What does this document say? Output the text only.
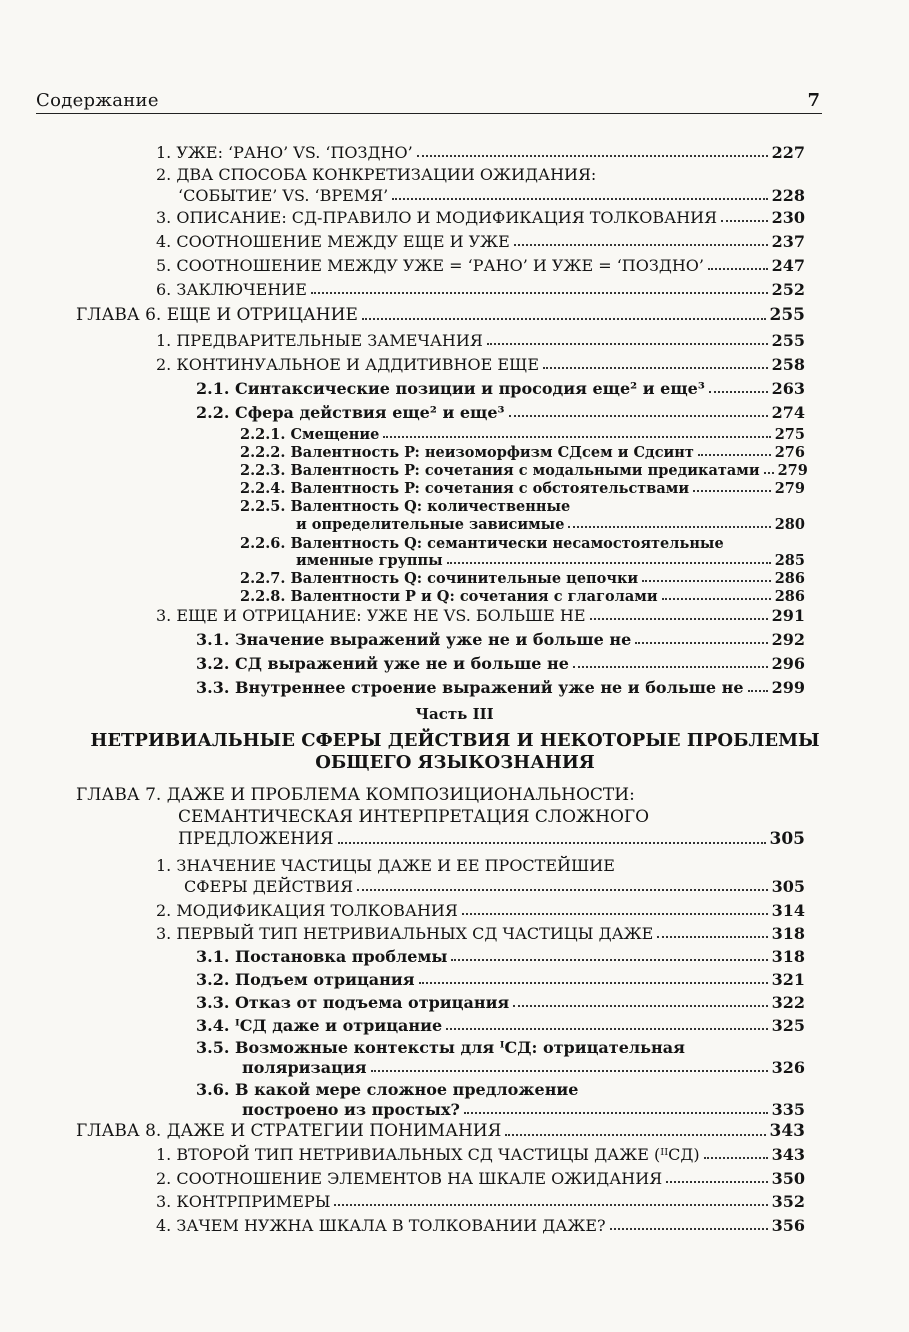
Содержание	7
1. УЖЕ: ‘РАНО’ VS. ‘ПОЗДНО’	227
2. ДВА СПОСОБА КОНКРЕТИЗАЦИИ ОЖИДАНИЯ:
‘СОБЫТИЕ’ VS. ‘ВРЕМЯ’	228
3. ОПИСАНИЕ: СД-ПРАВИЛО И МОДИФИКАЦИЯ ТОЛКОВАНИЯ	230
4. СООТНОШЕНИЕ МЕЖДУ ЕЩЕ И УЖЕ	237
5. СООТНОШЕНИЕ МЕЖДУ УЖЕ = ‘РАНО’ И УЖЕ = ‘ПОЗДНО’	247
6. ЗАКЛЮЧЕНИЕ	252
ГЛАВА 6. ЕЩЕ И ОТРИЦАНИЕ	255
1. ПРЕДВАРИТЕЛЬНЫЕ ЗАМЕЧАНИЯ	255
2. КОНТИНУАЛЬНОЕ И АДДИТИВНОЕ ЕЩЕ	258
2.1. Синтаксические позиции и просодия еще² и еще³	263
2.2. Сфера действия еще² и еще³	274
2.2.1. Смещение	275
2.2.2. Валентность P: неизоморфизм СДсем и Сдсинт	276
2.2.3. Валентность P: сочетания с модальными предикатами 279
2.2.4. Валентность P: сочетания с обстоятельствами	279
2.2.5. Валентность Q: количественные
и определительные зависимые	280
2.2.6. Валентность Q: семантически несамостоятельные
именные группы	285
2.2.7. Валентность Q: сочинительные цепочки	286
2.2.8. Валентности P и Q: сочетания с глаголами	286
3. ЕЩЕ И ОТРИЦАНИЕ: УЖЕ НЕ VS. БОЛЬШЕ НЕ	291
3.1. Значение выражений уже не и больше не	292
3.2. СД выражений уже не и больше не	296
3.3. Внутреннее строение выражений уже не и больше не 299
Часть III
НЕТРИВИАЛЬНЫЕ СФЕРЫ ДЕЙСТВИЯ И НЕКОТОРЫЕ ПРОБЛЕМЫ
ОБЩЕГО ЯЗЫКОЗНАНИЯ
ГЛАВА 7. ДАЖЕ И ПРОБЛЕМА КОМПОЗИЦИОНАЛЬНОСТИ:
СЕМАНТИЧЕСКАЯ ИНТЕРПРЕТАЦИЯ СЛОЖНОГО
ПРЕДЛОЖЕНИЯ	305
1. ЗНАЧЕНИЕ ЧАСТИЦЫ ДАЖЕ И ЕЕ ПРОСТЕЙШИЕ
СФЕРЫ ДЕЙСТВИЯ	305
2. МОДИФИКАЦИЯ ТОЛКОВАНИЯ	314
3. ПЕРВЫЙ ТИП НЕТРИВИАЛЬНЫХ СД ЧАСТИЦЫ ДАЖЕ	318
3.1. Постановка проблемы	318
3.2. Подъем отрицания	321
3.3. Отказ от подъема отрицания	322
3.4. ᴵСД даже и отрицание	325
3.5. Возможные контексты для ᴵСД: отрицательная
поляризация	326
3.6. В какой мере сложное предложение
построено из простых?	335
ГЛАВА 8. ДАЖЕ И СТРАТЕГИИ ПОНИМАНИЯ	343
1. ВТОРОЙ ТИП НЕТРИВИАЛЬНЫХ СД ЧАСТИЦЫ ДАЖЕ (ᴵᴵСД)	343
2. СООТНОШЕНИЕ ЭЛЕМЕНТОВ НА ШКАЛЕ ОЖИДАНИЯ	350
3. КОНТРПРИМЕРЫ	352
4. ЗАЧЕМ НУЖНА ШКАЛА В ТОЛКОВАНИИ ДАЖЕ?	356
